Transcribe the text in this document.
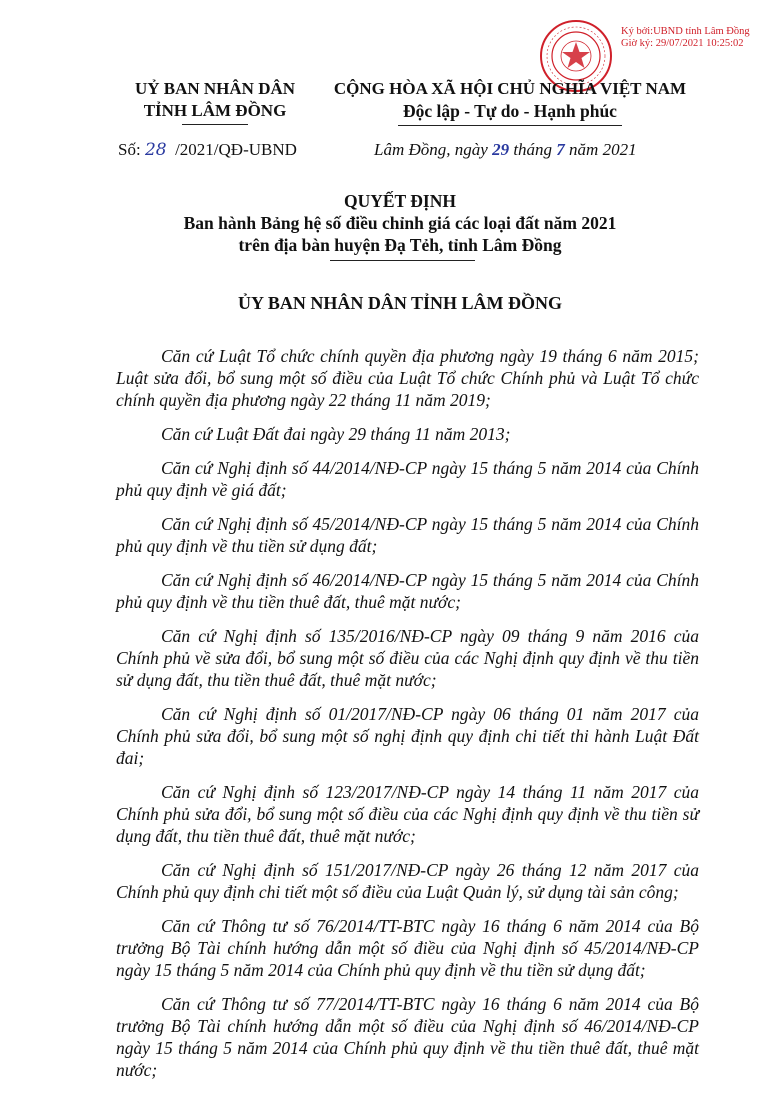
Ký bởi:UBND tỉnh Lâm Đồng
Giờ ký: 29/07/2021 10:25:02
UỶ BAN NHÂN DÂN
TỈNH LÂM ĐỒNG
CỘNG HÒA XÃ HỘI CHỦ NGHĨA VIỆT NAM
Độc lập - Tự do - Hạnh phúc
Số: 28 /2021/QĐ-UBND	Lâm Đồng, ngày 29 tháng 7 năm 2021
QUYẾT ĐỊNH
Ban hành Bảng hệ số điều chỉnh giá các loại đất năm 2021
trên địa bàn huyện Đạ Tẻh, tỉnh Lâm Đồng
ỦY BAN NHÂN DÂN TỈNH LÂM ĐỒNG

Căn cứ Luật Tổ chức chính quyền địa phương ngày 19 tháng 6 năm 2015; Luật sửa đổi, bổ sung một số điều của Luật Tổ chức Chính phủ và Luật Tổ chức chính quyền địa phương ngày 22 tháng 11 năm 2019;

Căn cứ Luật Đất đai ngày 29 tháng 11 năm 2013;

Căn cứ Nghị định số 44/2014/NĐ-CP ngày 15 tháng 5 năm 2014 của Chính phủ quy định về giá đất;

Căn cứ Nghị định số 45/2014/NĐ-CP ngày 15 tháng 5 năm 2014 của Chính phủ quy định về thu tiền sử dụng đất;

Căn cứ Nghị định số 46/2014/NĐ-CP ngày 15 tháng 5 năm 2014 của Chính phủ quy định về thu tiền thuê đất, thuê mặt nước;

Căn cứ Nghị định số 135/2016/NĐ-CP ngày 09 tháng 9 năm 2016 của Chính phủ về sửa đổi, bổ sung một số điều của các Nghị định quy định về thu tiền sử dụng đất, thu tiền thuê đất, thuê mặt nước;

Căn cứ Nghị định số 01/2017/NĐ-CP ngày 06 tháng 01 năm 2017 của Chính phủ sửa đổi, bổ sung một số nghị định quy định chi tiết thi hành Luật Đất đai;

Căn cứ Nghị định số 123/2017/NĐ-CP ngày 14 tháng 11 năm 2017 của Chính phủ sửa đổi, bổ sung một số điều của các Nghị định quy định về thu tiền sử dụng đất, thu tiền thuê đất, thuê mặt nước;

Căn cứ Nghị định số 151/2017/NĐ-CP ngày 26 tháng 12 năm 2017 của Chính phủ quy định chi tiết một số điều của Luật Quản lý, sử dụng tài sản công;

Căn cứ Thông tư số 76/2014/TT-BTC ngày 16 tháng 6 năm 2014 của Bộ trưởng Bộ Tài chính hướng dẫn một số điều của Nghị định số 45/2014/NĐ-CP ngày 15 tháng 5 năm 2014 của Chính phủ quy định về thu tiền sử dụng đất;

Căn cứ Thông tư số 77/2014/TT-BTC ngày 16 tháng 6 năm 2014 của Bộ trưởng Bộ Tài chính hướng dẫn một số điều của Nghị định số 46/2014/NĐ-CP ngày 15 tháng 5 năm 2014 của Chính phủ quy định về thu tiền thuê đất, thuê mặt nước;
